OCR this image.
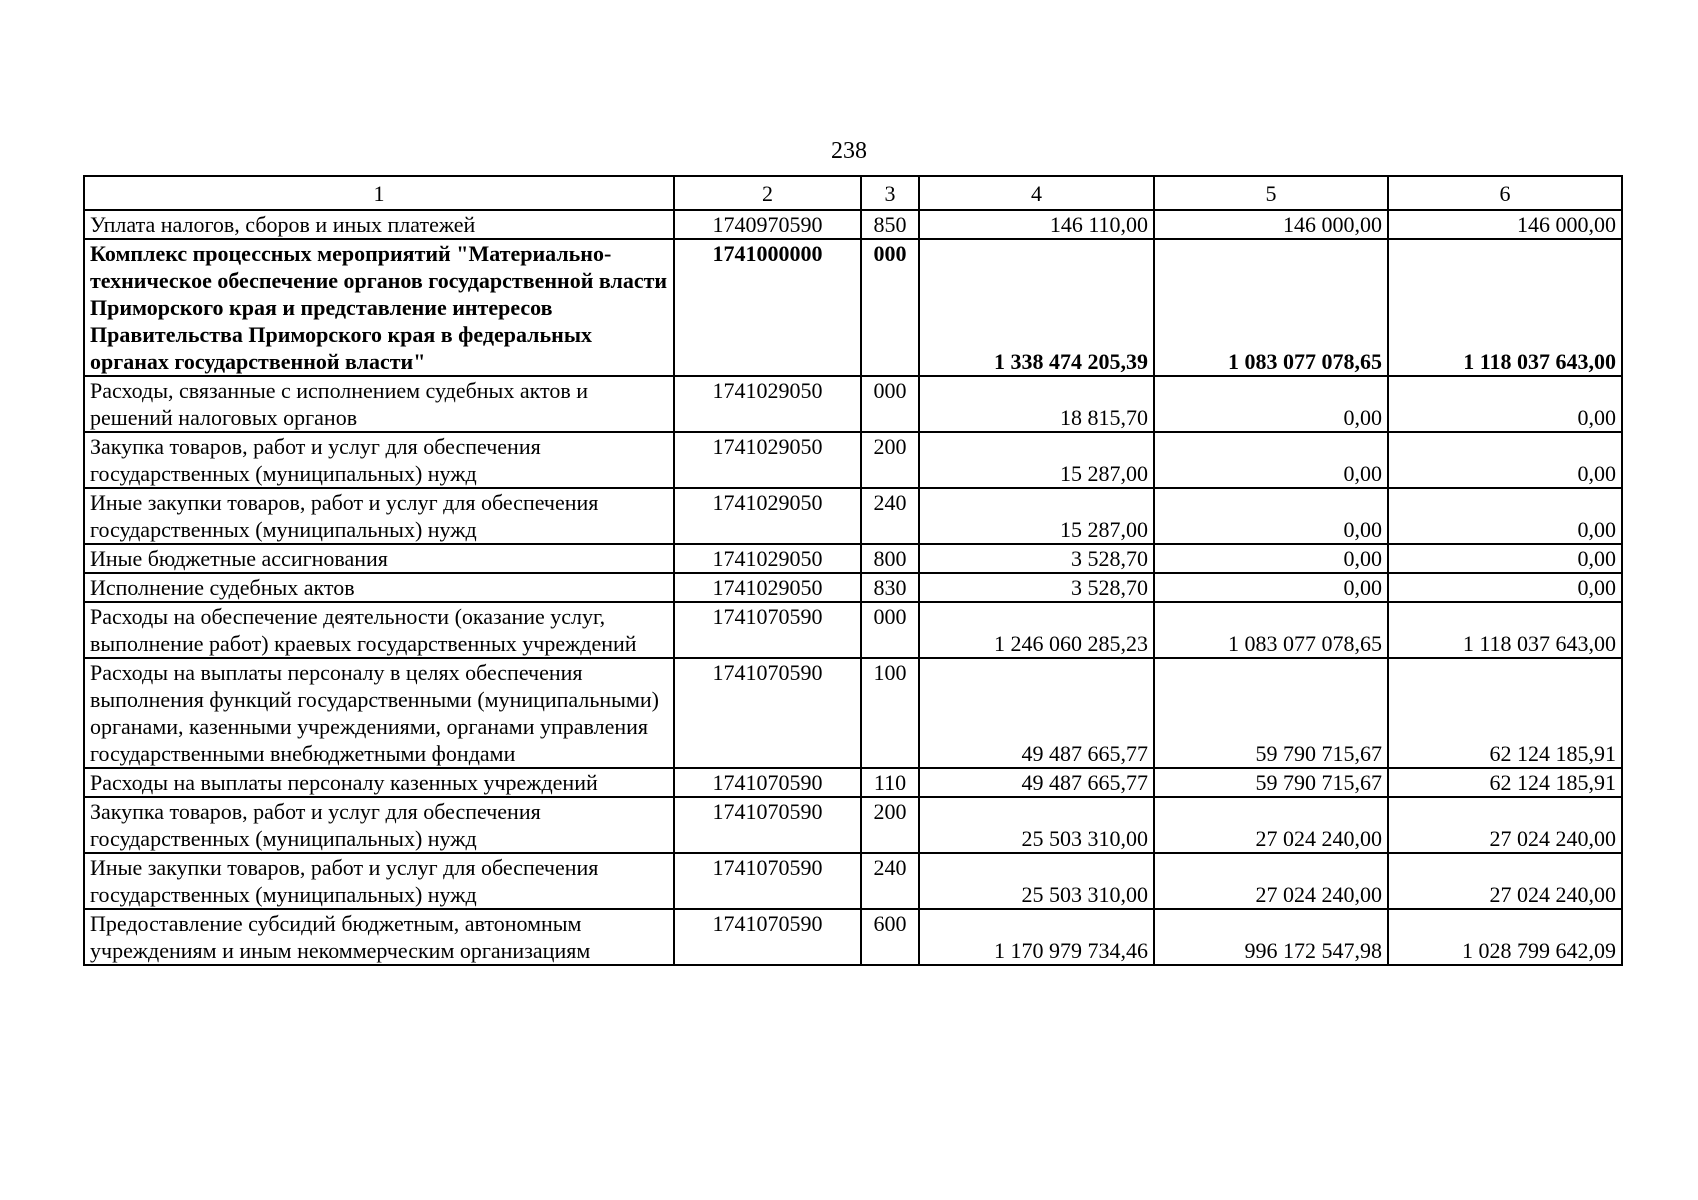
238
1	2	3	4	5	6
Уплата налогов, сборов и иных платежей	1740970590	850	146 110,00	146 000,00	146 000,00
Комплекс процессных мероприятий "Материально-техническое обеспечение органов государственной власти Приморского края и представление интересов Правительства Приморского края в федеральных органах государственной власти"	1741000000	000	1 338 474 205,39	1 083 077 078,65	1 118 037 643,00
Расходы, связанные с исполнением судебных актов и решений налоговых органов	1741029050	000	18 815,70	0,00	0,00
Закупка товаров, работ и услуг для обеспечения государственных (муниципальных) нужд	1741029050	200	15 287,00	0,00	0,00
Иные закупки товаров, работ и услуг для обеспечения государственных (муниципальных) нужд	1741029050	240	15 287,00	0,00	0,00
Иные бюджетные ассигнования	1741029050	800	3 528,70	0,00	0,00
Исполнение судебных актов	1741029050	830	3 528,70	0,00	0,00
Расходы на обеспечение деятельности (оказание услуг, выполнение работ) краевых государственных учреждений	1741070590	000	1 246 060 285,23	1 083 077 078,65	1 118 037 643,00
Расходы на выплаты персоналу в целях обеспечения выполнения функций государственными (муниципальными) органами, казенными учреждениями, органами управления государственными внебюджетными фондами	1741070590	100	49 487 665,77	59 790 715,67	62 124 185,91
Расходы на выплаты персоналу казенных учреждений	1741070590	110	49 487 665,77	59 790 715,67	62 124 185,91
Закупка товаров, работ и услуг для обеспечения государственных (муниципальных) нужд	1741070590	200	25 503 310,00	27 024 240,00	27 024 240,00
Иные закупки товаров, работ и услуг для обеспечения государственных (муниципальных) нужд	1741070590	240	25 503 310,00	27 024 240,00	27 024 240,00
Предоставление субсидий бюджетным, автономным учреждениям и иным некоммерческим организациям	1741070590	600	1 170 979 734,46	996 172 547,98	1 028 799 642,09
